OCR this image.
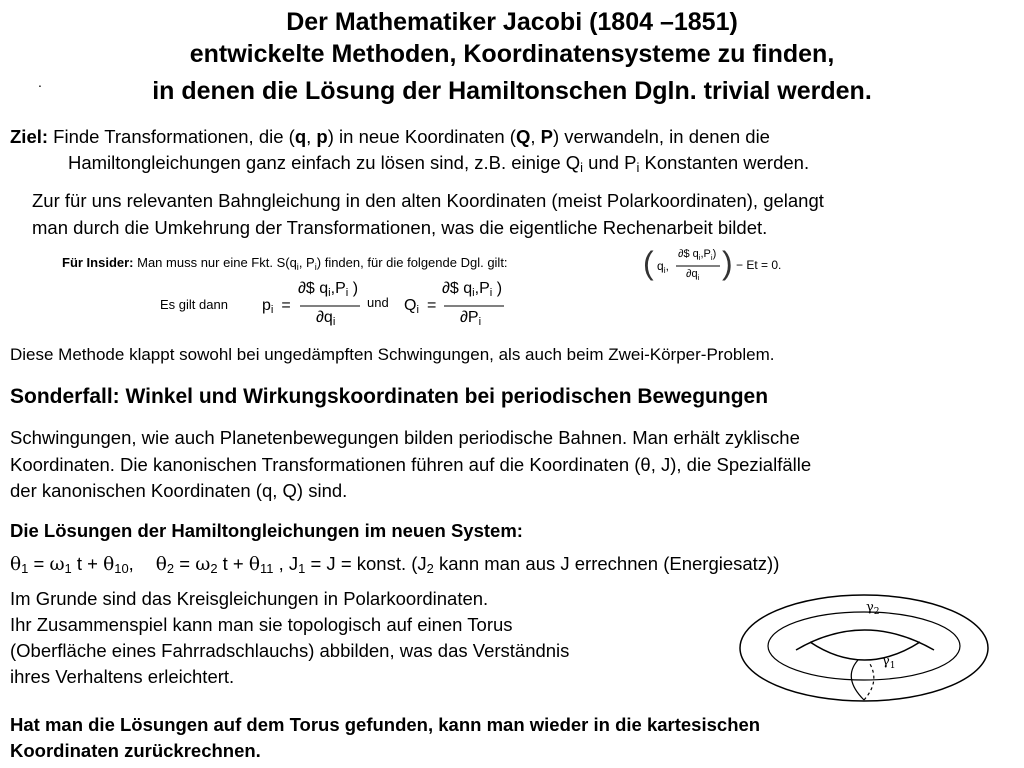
Der Mathematiker Jacobi (1804 –1851)
entwickelte Methoden, Koordinatensysteme zu finden,
in denen die Lösung der Hamiltonschen Dgln. trivial werden.
.
Ziel: Finde Transformationen, die (q, p) in neue Koordinaten (Q, P) verwandeln, in denen die
Hamiltongleichungen ganz einfach zu lösen sind, z.B. einige $Q_i$ und $P_i$ Konstanten werden.
Zur für uns relevanten Bahngleichung in den alten Koordinaten (meist Polarkoordinaten), gelangt
man durch die Umkehrung der Transformationen, was die eigentliche Rechenarbeit bildet.
Für Insider: Man muss nur eine Fkt. $S(q_i$, $P_i$) finden, für die folgende Dgl. gilt:	( $q_i$,
∂$ $q_i,P_i$)
$\partial q_i$ ) − Et = 0.
Es gilt dann $p_i$ =
∂$ $q_i,P_i$ )
$\partial q_i$
und $Q_i$ =
∂$ $q_i,P_i$ )
$\partial P_i$
Diese Methode klappt sowohl bei ungedämpften Schwingungen, als auch beim Zwei-Körper-Problem.
Sonderfall: Winkel und Wirkungskoordinaten bei periodischen Bewegungen
Schwingungen, wie auch Planetenbewegungen bilden periodische Bahnen. Man erhält zyklische
Koordinaten. Die kanonischen Transformationen führen auf die Koordinaten (θ, J), die Spezialfälle
der kanonischen Koordinaten (q, Q) sind.
Die Lösungen der Hamiltongleichungen im neuen System:
$\theta_1 = \omega_1$ $t + \theta_{10}$, $\theta_2 = \omega_2$ $t + \theta_{11}$ , $J_1 = J$ = konst. ($J_2$ kann man aus J errechnen (Energiesatz))
Im Grunde sind das Kreisgleichungen in Polarkoordinaten.
Ihr Zusammenspiel kann man sie topologisch auf einen Torus
(Oberfläche eines Fahrradschlauchs) abbilden, was das Verständnis
ihres Verhaltens erleichtert.
$\gamma_2$
$\gamma_1$
Hat man die Lösungen auf dem Torus gefunden, kann man wieder in die kartesischen
Koordinaten zurückrechnen.
